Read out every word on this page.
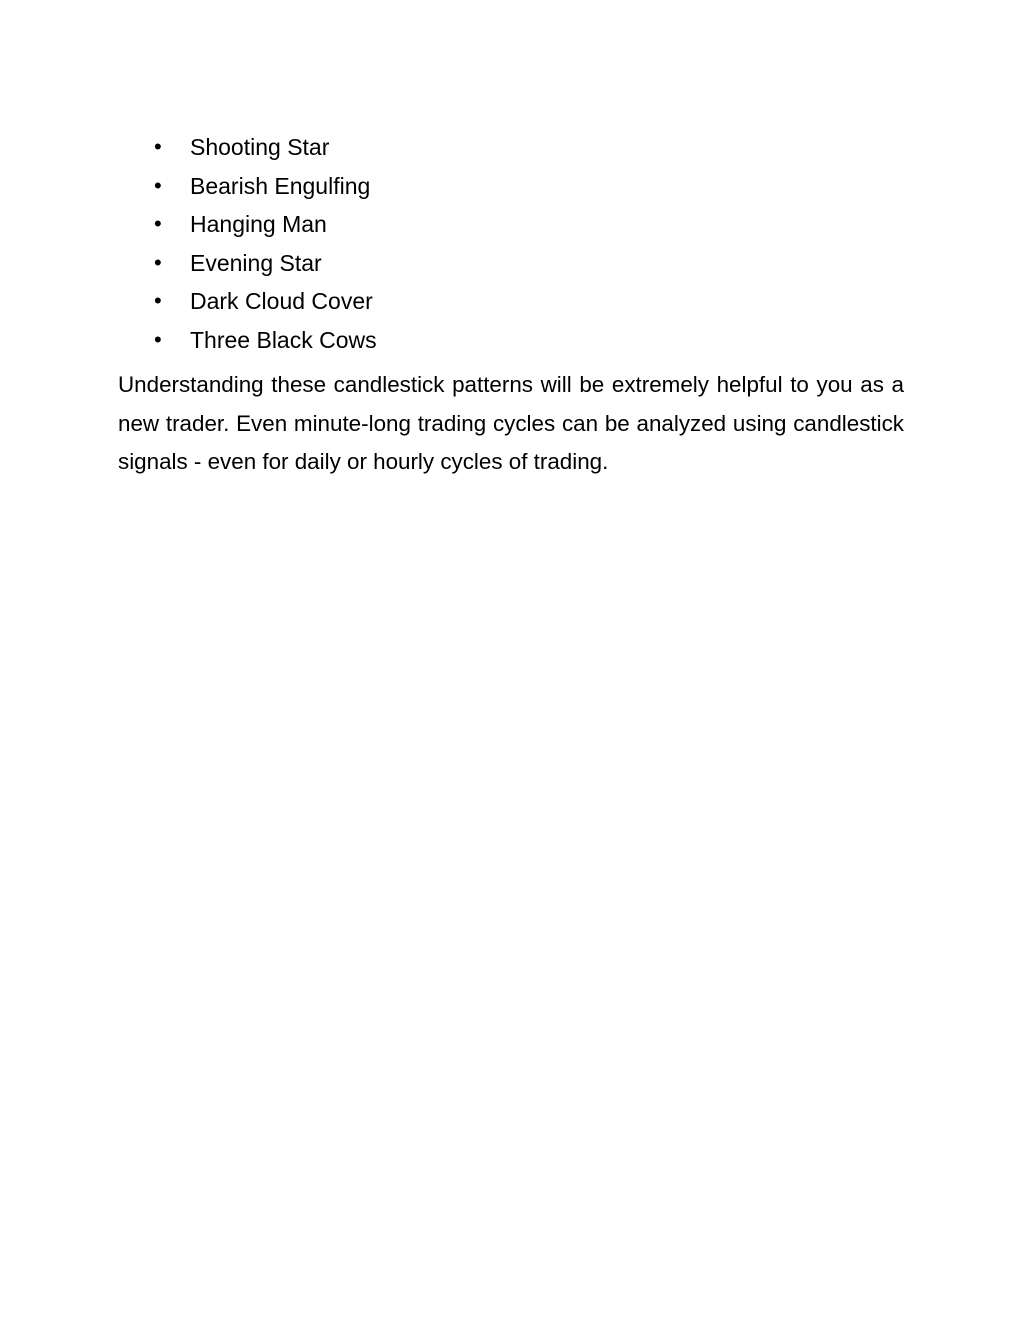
•	Shooting Star
•	Bearish Engulfing
•	Hanging Man
•	Evening Star
•	Dark Cloud Cover
•	Three Black Cows

Understanding these candlestick patterns will be extremely helpful to you as a new trader. Even minute-long trading cycles can be analyzed using candlestick signals - even for daily or hourly cycles of trading.
